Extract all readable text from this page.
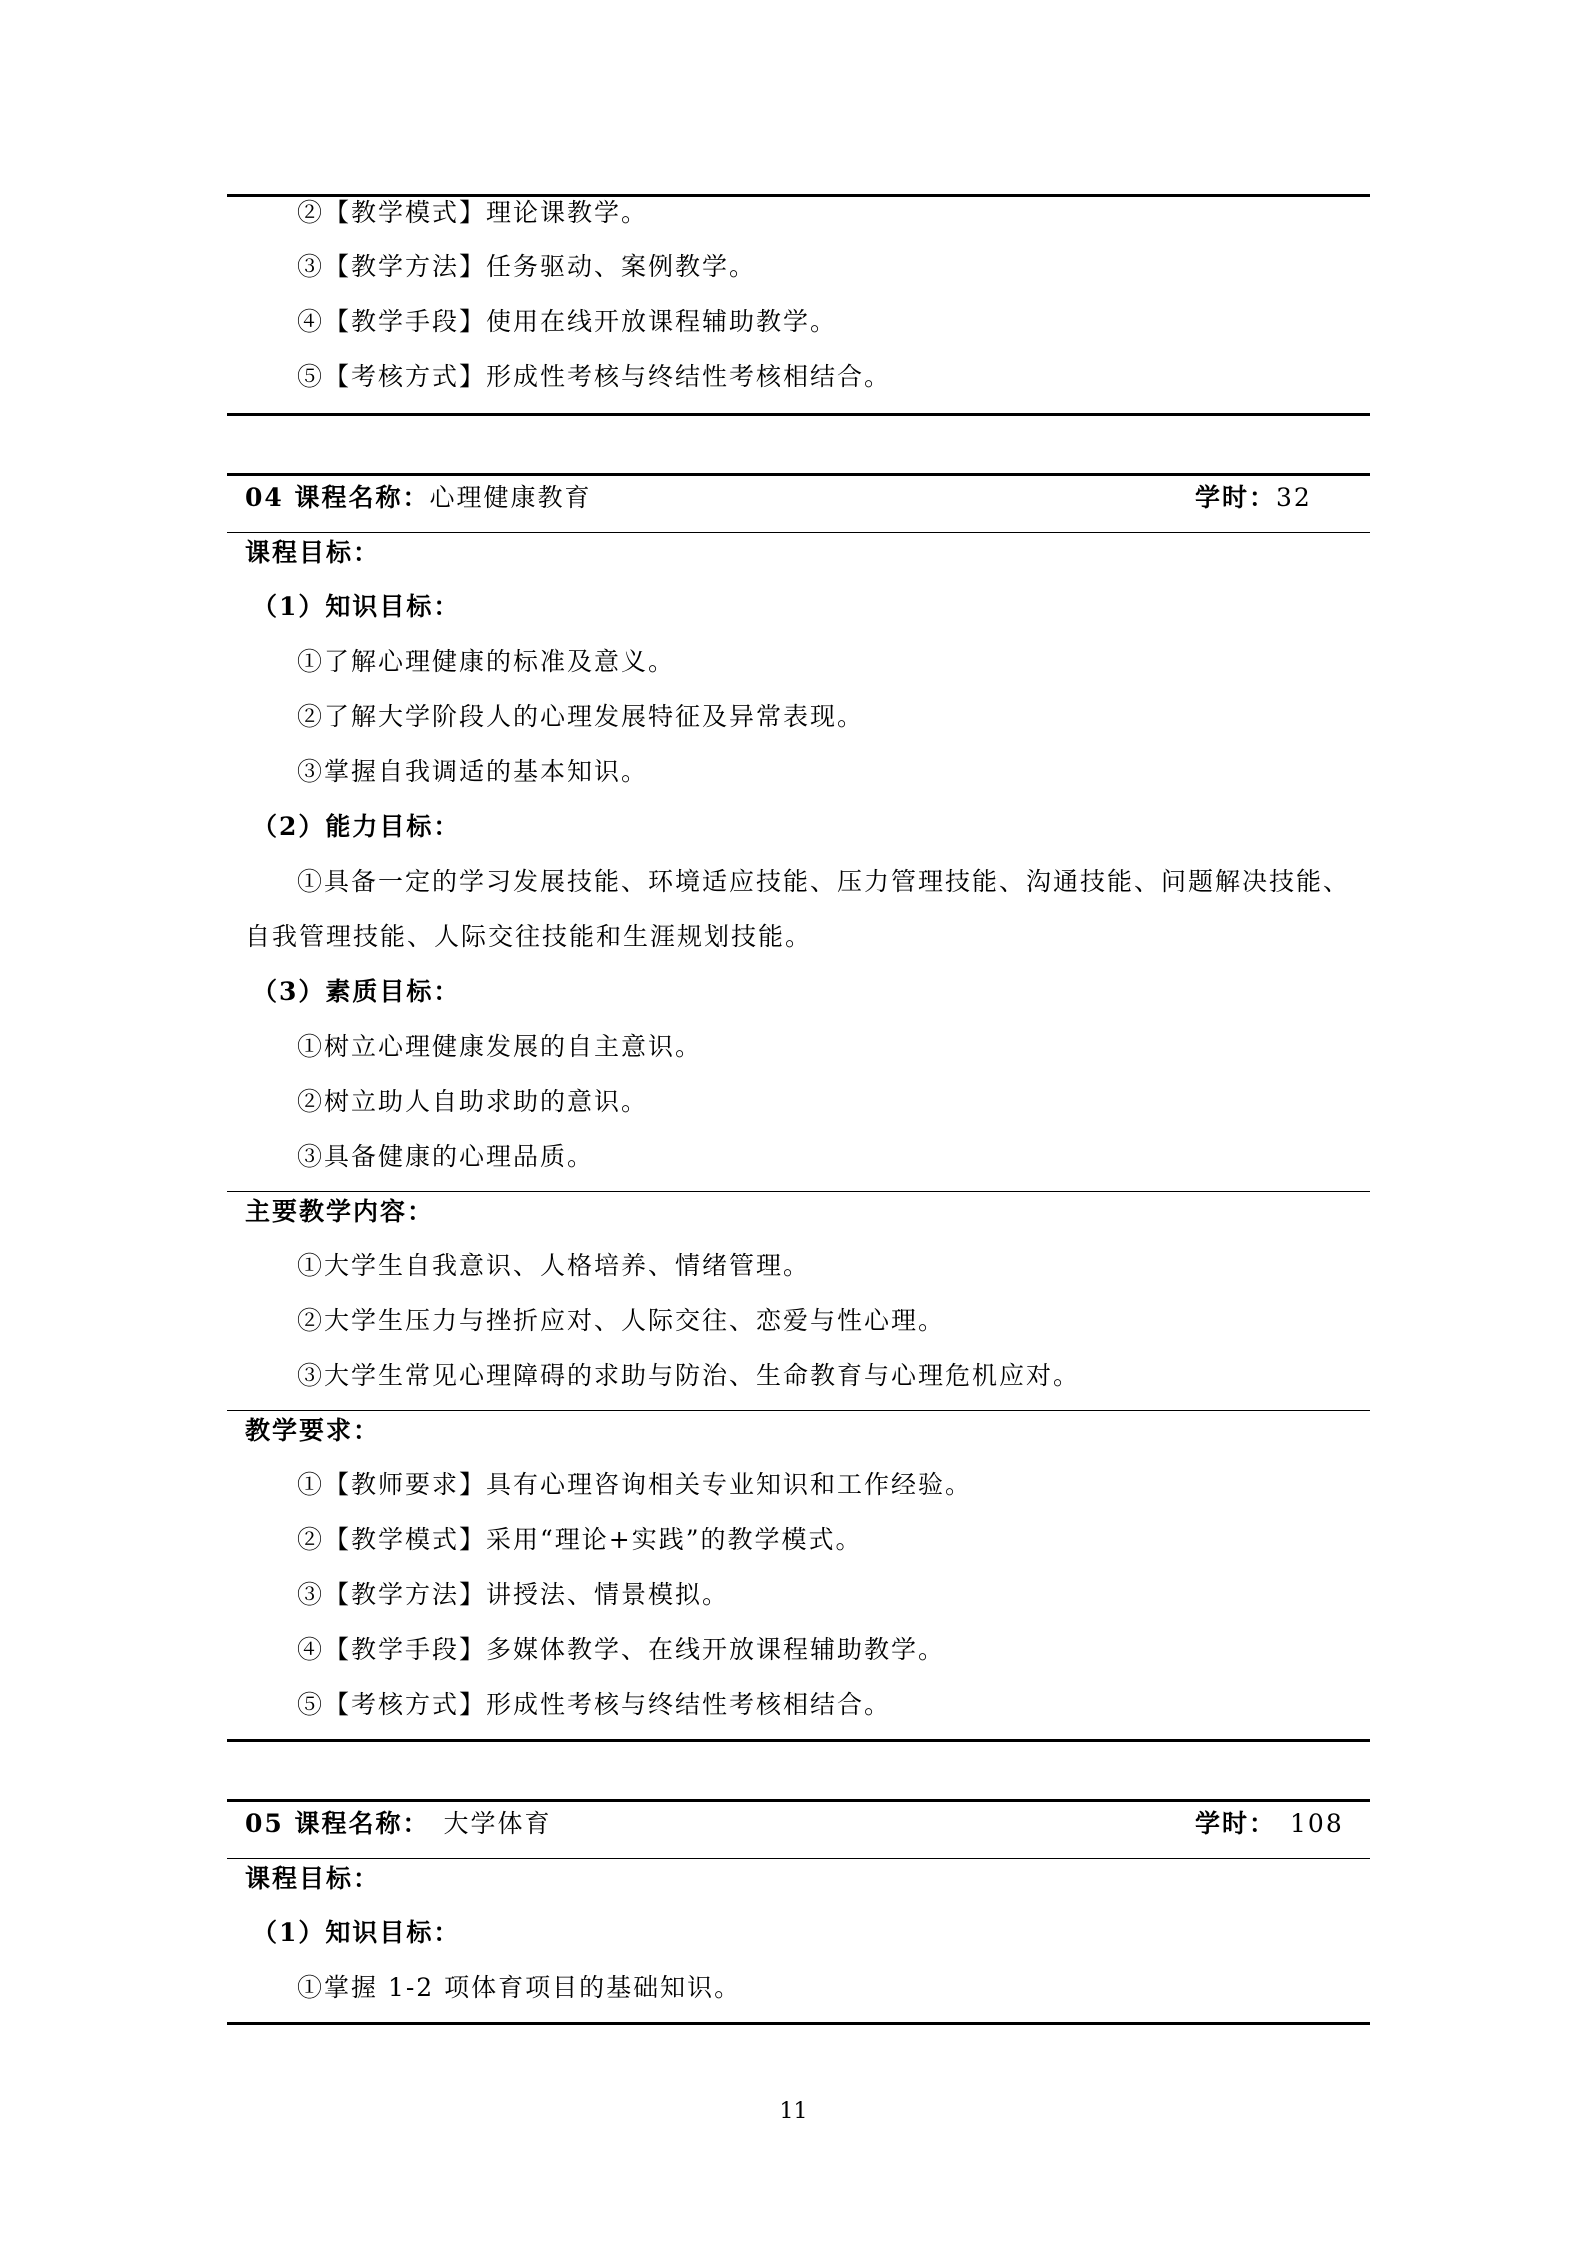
②【教学模式】理论课教学。
③【教学方法】任务驱动、案例教学。
④【教学手段】使用在线开放课程辅助教学。
⑤【考核方式】形成性考核与终结性考核相结合。
04 课程名称：心理健康教育	学时：32
课程目标：
（1）知识目标：
①了解心理健康的标准及意义。
②了解大学阶段人的心理发展特征及异常表现。
③掌握自我调适的基本知识。
（2）能力目标：
①具备一定的学习发展技能、环境适应技能、压力管理技能、沟通技能、问题解决技能、
自我管理技能、人际交往技能和生涯规划技能。
（3）素质目标：
①树立心理健康发展的自主意识。
②树立助人自助求助的意识。
③具备健康的心理品质。
主要教学内容：
①大学生自我意识、人格培养、情绪管理。
②大学生压力与挫折应对、人际交往、恋爱与性心理。
③大学生常见心理障碍的求助与防治、生命教育与心理危机应对。
教学要求：
①【教师要求】具有心理咨询相关专业知识和工作经验。
②【教学模式】采用“理论+实践”的教学模式。
③【教学方法】讲授法、情景模拟。
④【教学手段】多媒体教学、在线开放课程辅助教学。
⑤【考核方式】形成性考核与终结性考核相结合。
05 课程名称： 大学体育	学时： 108
课程目标：
（1）知识目标：
①掌握 1-2 项体育项目的基础知识。
11
